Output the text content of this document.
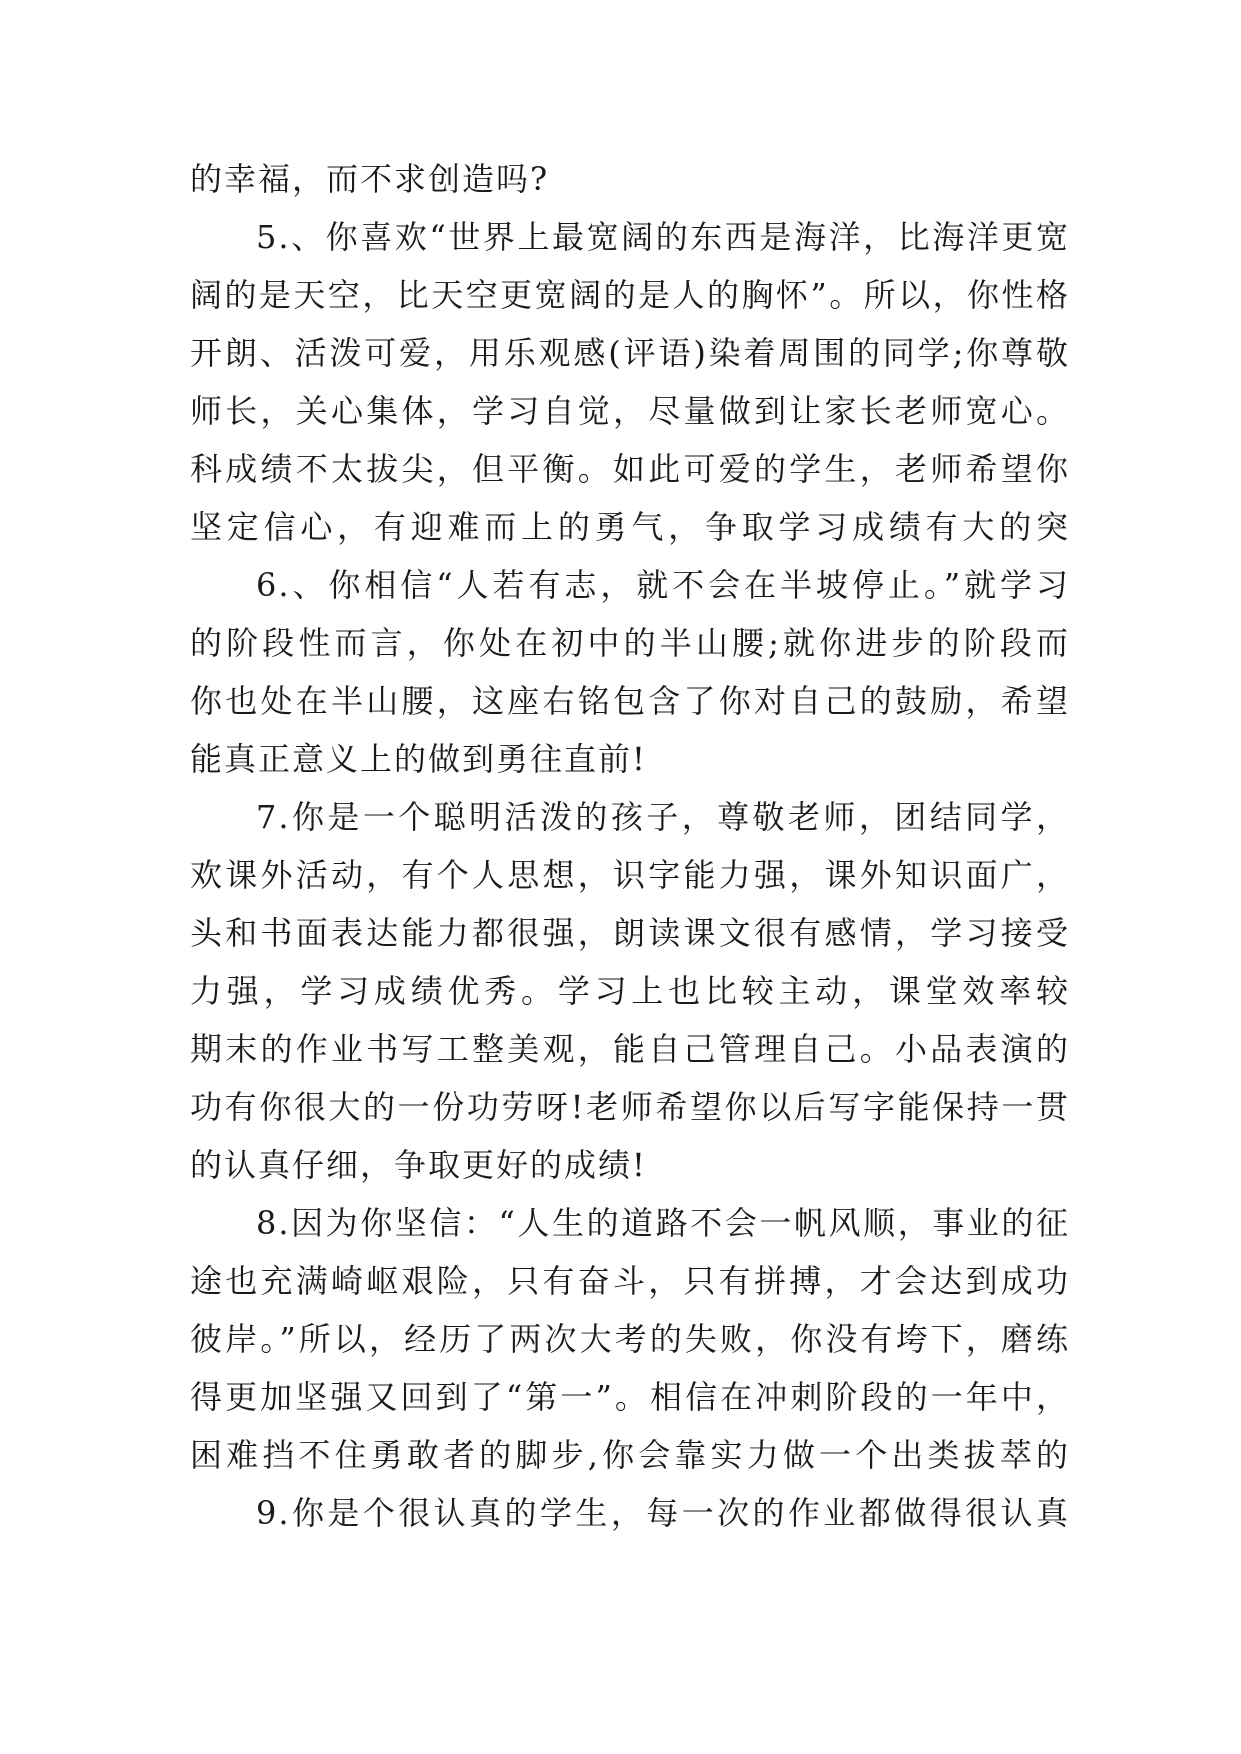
的幸福，而不求创造吗?
5.、你喜欢“世界上最宽阔的东西是海洋，比海洋更宽
阔的是天空，比天空更宽阔的是人的胸怀”。所以，你性格
开朗、活泼可爱，用乐观感(评语)染着周围的同学;你尊敬
师长，关心集体，学习自觉，尽量做到让家长老师宽心。
科成绩不太拔尖，但平衡。如此可爱的学生，老师希望你
坚定信心，有迎难而上的勇气，争取学习成绩有大的突
6.、你相信“人若有志，就不会在半坡停止。”就学习
的阶段性而言，你处在初中的半山腰;就你进步的阶段而
你也处在半山腰，这座右铭包含了你对自己的鼓励，希望
能真正意义上的做到勇往直前!
7.你是一个聪明活泼的孩子，尊敬老师，团结同学，
欢课外活动，有个人思想，识字能力强，课外知识面广，
头和书面表达能力都很强，朗读课文很有感情，学习接受
力强，学习成绩优秀。学习上也比较主动，课堂效率较
期末的作业书写工整美观，能自己管理自己。小品表演的
功有你很大的一份功劳呀!老师希望你以后写字能保持一贯
的认真仔细，争取更好的成绩!
8.因为你坚信：“人生的道路不会一帆风顺，事业的征
途也充满崎岖艰险，只有奋斗，只有拼搏，才会达到成功
彼岸。”所以，经历了两次大考的失败，你没有垮下，磨练
得更加坚强又回到了“第一”。相信在冲刺阶段的一年中，
困难挡不住勇敢者的脚步,你会靠实力做一个出类拔萃的
9.你是个很认真的学生，每一次的作业都做得很认真
